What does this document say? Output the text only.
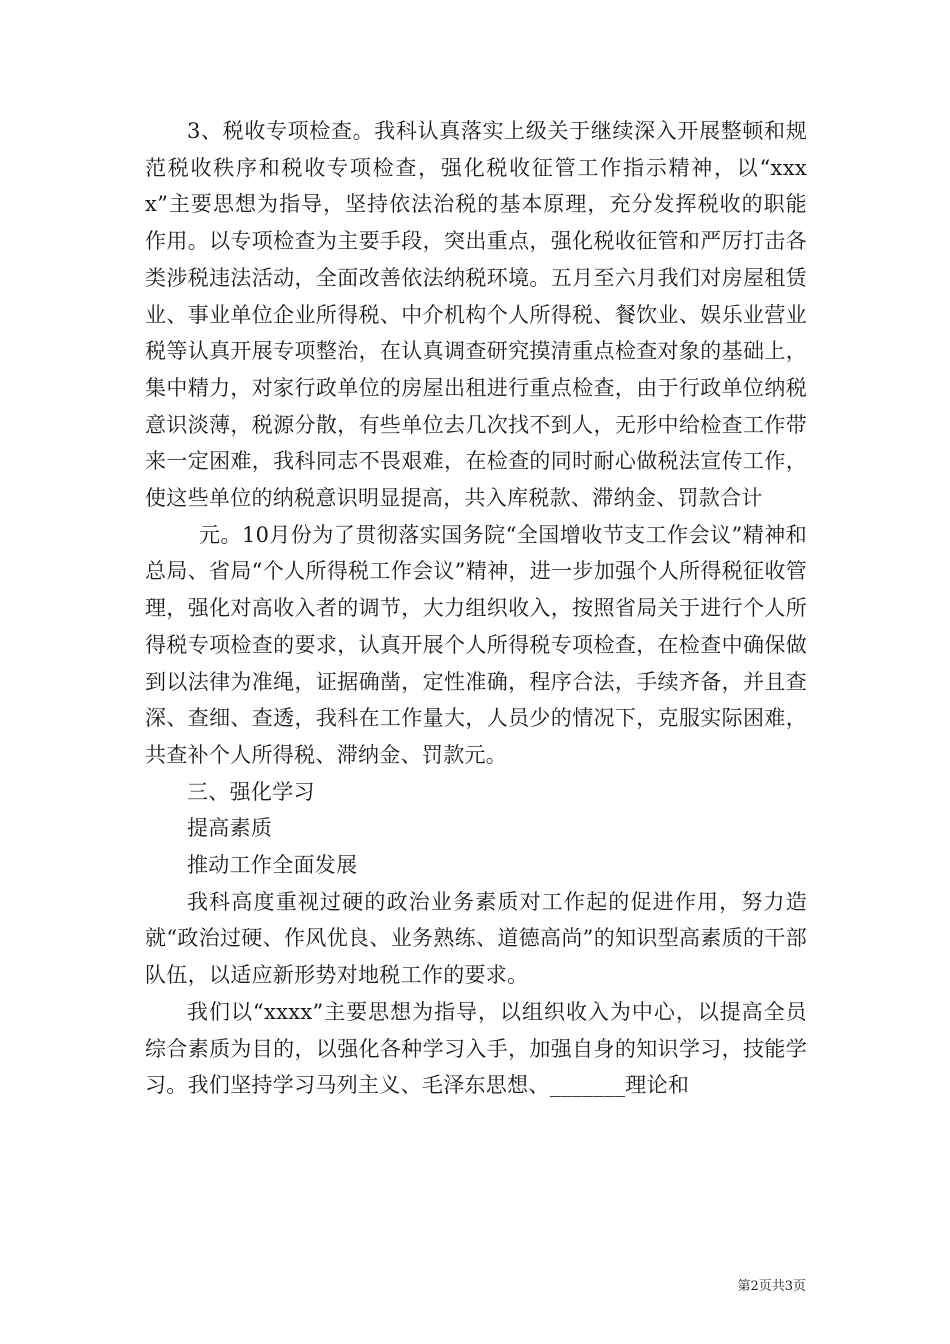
3、税收专项检查。我科认真落实上级关于继续深入开展整顿和规范税收秩序和税收专项检查，强化税收征管工作指示精神，以“xxxx”主要思想为指导，坚持依法治税的基本原理，充分发挥税收的职能作用。以专项检查为主要手段，突出重点，强化税收征管和严厉打击各类涉税违法活动，全面改善依法纳税环境。五月至六月我们对房屋租赁业、事业单位企业所得税、中介机构个人所得税、餐饮业、娱乐业营业税等认真开展专项整治，在认真调查研究摸清重点检查对象的基础上，集中精力，对家行政单位的房屋出租进行重点检查，由于行政单位纳税意识淡薄，税源分散，有些单位去几次找不到人，无形中给检查工作带来一定困难，我科同志不畏艰难，在检查的同时耐心做税法宣传工作，使这些单位的纳税意识明显提高，共入库税款、滞纳金、罚款合计

元。10月份为了贯彻落实国务院“全国增收节支工作会议”精神和总局、省局“个人所得税工作会议”精神，进一步加强个人所得税征收管理，强化对高收入者的调节，大力组织收入，按照省局关于进行个人所得税专项检查的要求，认真开展个人所得税专项检查，在检查中确保做到以法律为准绳，证据确凿，定性准确，程序合法，手续齐备，并且查深、查细、查透，我科在工作量大，人员少的情况下，克服实际困难，共查补个人所得税、滞纳金、罚款元。

三、强化学习

提高素质

推动工作全面发展

我科高度重视过硬的政治业务素质对工作起的促进作用，努力造就“政治过硬、作风优良、业务熟练、道德高尚”的知识型高素质的干部队伍，以适应新形势对地税工作的要求。

我们以“xxxx”主要思想为指导，以组织收入为中心，以提高全员综合素质为目的，以强化各种学习入手，加强自身的知识学习，技能学习。我们坚持学习马列主义、毛泽东思想、_______理论和

第2页共3页
